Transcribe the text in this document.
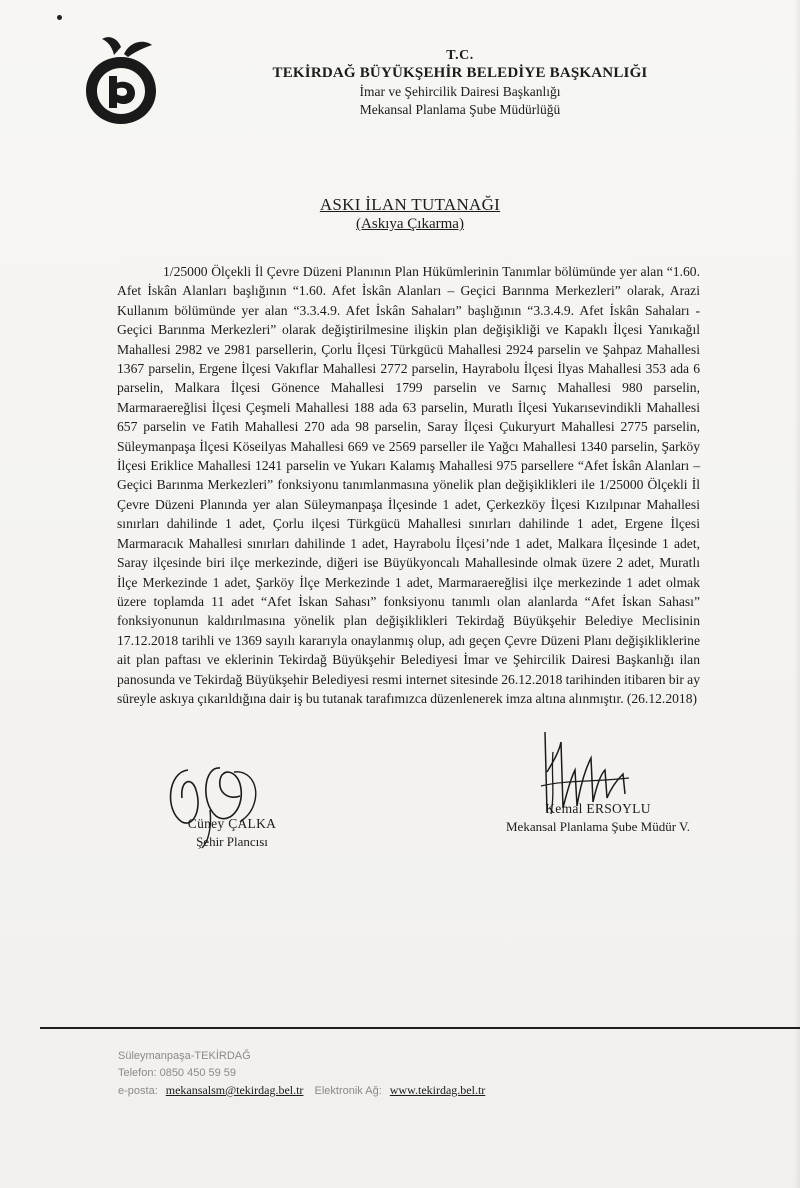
T.C.
TEKİRDAĞ BÜYÜKŞEHİR BELEDİYE BAŞKANLIĞI
İmar ve Şehircilik Dairesi Başkanlığı
Mekansal Planlama Şube Müdürlüğü
ASKI İLAN TUTANAĞI
(Askıya Çıkarma)
1/25000 Ölçekli İl Çevre Düzeni Planının Plan Hükümlerinin Tanımlar bölümünde yer alan “1.60. Afet İskân Alanları başlığının “1.60. Afet İskân Alanları – Geçici Barınma Merkezleri” olarak, Arazi Kullanım bölümünde yer alan “3.3.4.9. Afet İskân Sahaları” başlığının “3.3.4.9. Afet İskân Sahaları - Geçici Barınma Merkezleri” olarak değiştirilmesine ilişkin plan değişikliği ve Kapaklı İlçesi Yanıkağıl Mahallesi 2982 ve 2981 parsellerin, Çorlu İlçesi Türkgücü Mahallesi 2924 parselin ve Şahpaz Mahallesi 1367 parselin, Ergene İlçesi Vakıflar Mahallesi 2772 parselin, Hayrabolu İlçesi İlyas Mahallesi 353 ada 6 parselin, Malkara İlçesi Gönence Mahallesi 1799 parselin ve Sarnıç Mahallesi 980 parselin, Marmaraereğlisi İlçesi Çeşmeli Mahallesi 188 ada 63 parselin, Muratlı İlçesi Yukarısevindikli Mahallesi 657 parselin ve Fatih Mahallesi 270 ada 98 parselin, Saray İlçesi Çukuryurt Mahallesi 2775 parselin, Süleymanpaşa İlçesi Köseilyas Mahallesi 669 ve 2569 parseller ile Yağcı Mahallesi 1340 parselin, Şarköy İlçesi Eriklice Mahallesi 1241 parselin ve Yukarı Kalamış Mahallesi 975 parsellere “Afet İskân Alanları – Geçici Barınma Merkezleri” fonksiyonu tanımlanmasına yönelik plan değişiklikleri ile 1/25000 Ölçekli İl Çevre Düzeni Planında yer alan Süleymanpaşa İlçesinde 1 adet, Çerkezköy İlçesi Kızılpınar Mahallesi sınırları dahilinde 1 adet, Çorlu ilçesi Türkgücü Mahallesi sınırları dahilinde 1 adet, Ergene İlçesi Marmaracık Mahallesi sınırları dahilinde 1 adet, Hayrabolu İlçesi’nde 1 adet, Malkara İlçesinde 1 adet, Saray ilçesinde biri ilçe merkezinde, diğeri ise Büyükyoncalı Mahallesinde olmak üzere 2 adet, Muratlı İlçe Merkezinde 1 adet, Şarköy İlçe Merkezinde 1 adet, Marmaraereğlisi ilçe merkezinde 1 adet olmak üzere toplamda 11 adet “Afet İskan Sahası” fonksiyonu tanımlı olan alanlarda “Afet İskan Sahası” fonksiyonunun kaldırılmasına yönelik plan değişiklikleri Tekirdağ Büyükşehir Belediye Meclisinin 17.12.2018 tarihli ve 1369 sayılı kararıyla onaylanmış olup, adı geçen Çevre Düzeni Planı değişikliklerine ait plan paftası ve eklerinin Tekirdağ Büyükşehir Belediyesi İmar ve Şehircilik Dairesi Başkanlığı ilan panosunda ve Tekirdağ Büyükşehir Belediyesi resmi internet sitesinde 26.12.2018 tarihinden itibaren bir ay süreyle askıya çıkarıldığına dair iş bu tutanak tarafımızca düzenlenerek imza altına alınmıştır. (26.12.2018)
Cüney ÇALKA
Şehir Plancısı
Kemal ERSOYLU
Mekansal Planlama Şube Müdür V.
Süleymanpaşa-TEKİRDAĞ
Telefon: 0850 450 59 59
e-posta: mekansalsm@tekirdag.bel.tr Elektronik Ağ: www.tekirdag.bel.tr
